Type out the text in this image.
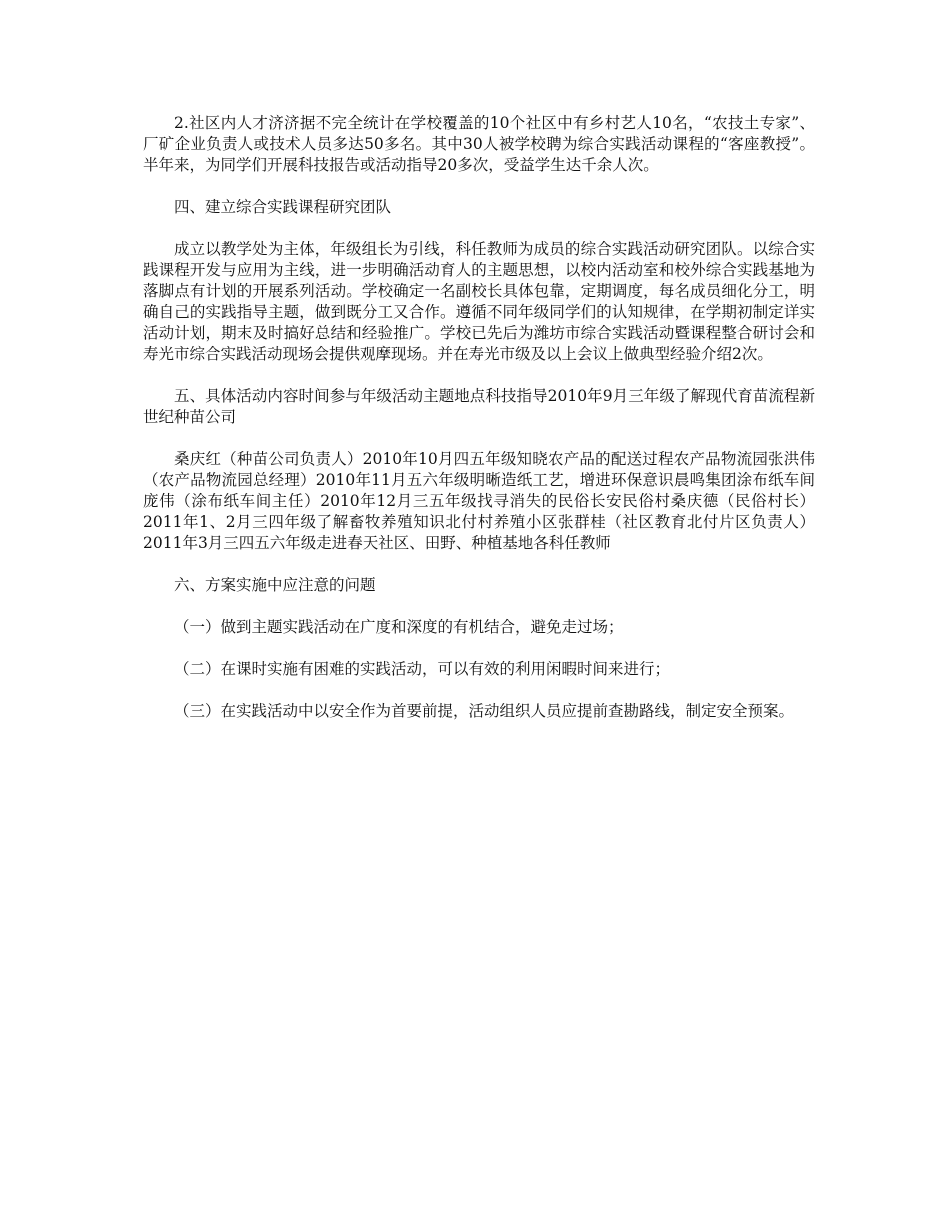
2.社区内人才济济据不完全统计在学校覆盖的10个社区中有乡村艺人10名，“农技土专家”、厂矿企业负责人或技术人员多达50多名。其中30人被学校聘为综合实践活动课程的“客座教授”。半年来，为同学们开展科技报告或活动指导20多次，受益学生达千余人次。

四、建立综合实践课程研究团队

成立以教学处为主体，年级组长为引线，科任教师为成员的综合实践活动研究团队。以综合实践课程开发与应用为主线，进一步明确活动育人的主题思想，以校内活动室和校外综合实践基地为落脚点有计划的开展系列活动。学校确定一名副校长具体包靠，定期调度，每名成员细化分工，明确自己的实践指导主题，做到既分工又合作。遵循不同年级同学们的认知规律，在学期初制定详实活动计划，期末及时搞好总结和经验推广。学校已先后为潍坊市综合实践活动暨课程整合研讨会和寿光市综合实践活动现场会提供观摩现场。并在寿光市级及以上会议上做典型经验介绍2次。

五、具体活动内容时间参与年级活动主题地点科技指导2010年9月三年级了解现代育苗流程新世纪种苗公司

桑庆红（种苗公司负责人）2010年10月四五年级知晓农产品的配送过程农产品物流园张洪伟（农产品物流园总经理）2010年11月五六年级明晰造纸工艺，增进环保意识晨鸣集团涂布纸车间庞伟（涂布纸车间主任）2010年12月三五年级找寻消失的民俗长安民俗村桑庆德（民俗村长）2011年1、2月三四年级了解畜牧养殖知识北付村养殖小区张群桂（社区教育北付片区负责人）2011年3月三四五六年级走进春天社区、田野、种植基地各科任教师

六、方案实施中应注意的问题

（一）做到主题实践活动在广度和深度的有机结合，避免走过场；

（二）在课时实施有困难的实践活动，可以有效的利用闲暇时间来进行；

（三）在实践活动中以安全作为首要前提，活动组织人员应提前查勘路线，制定安全预案。
